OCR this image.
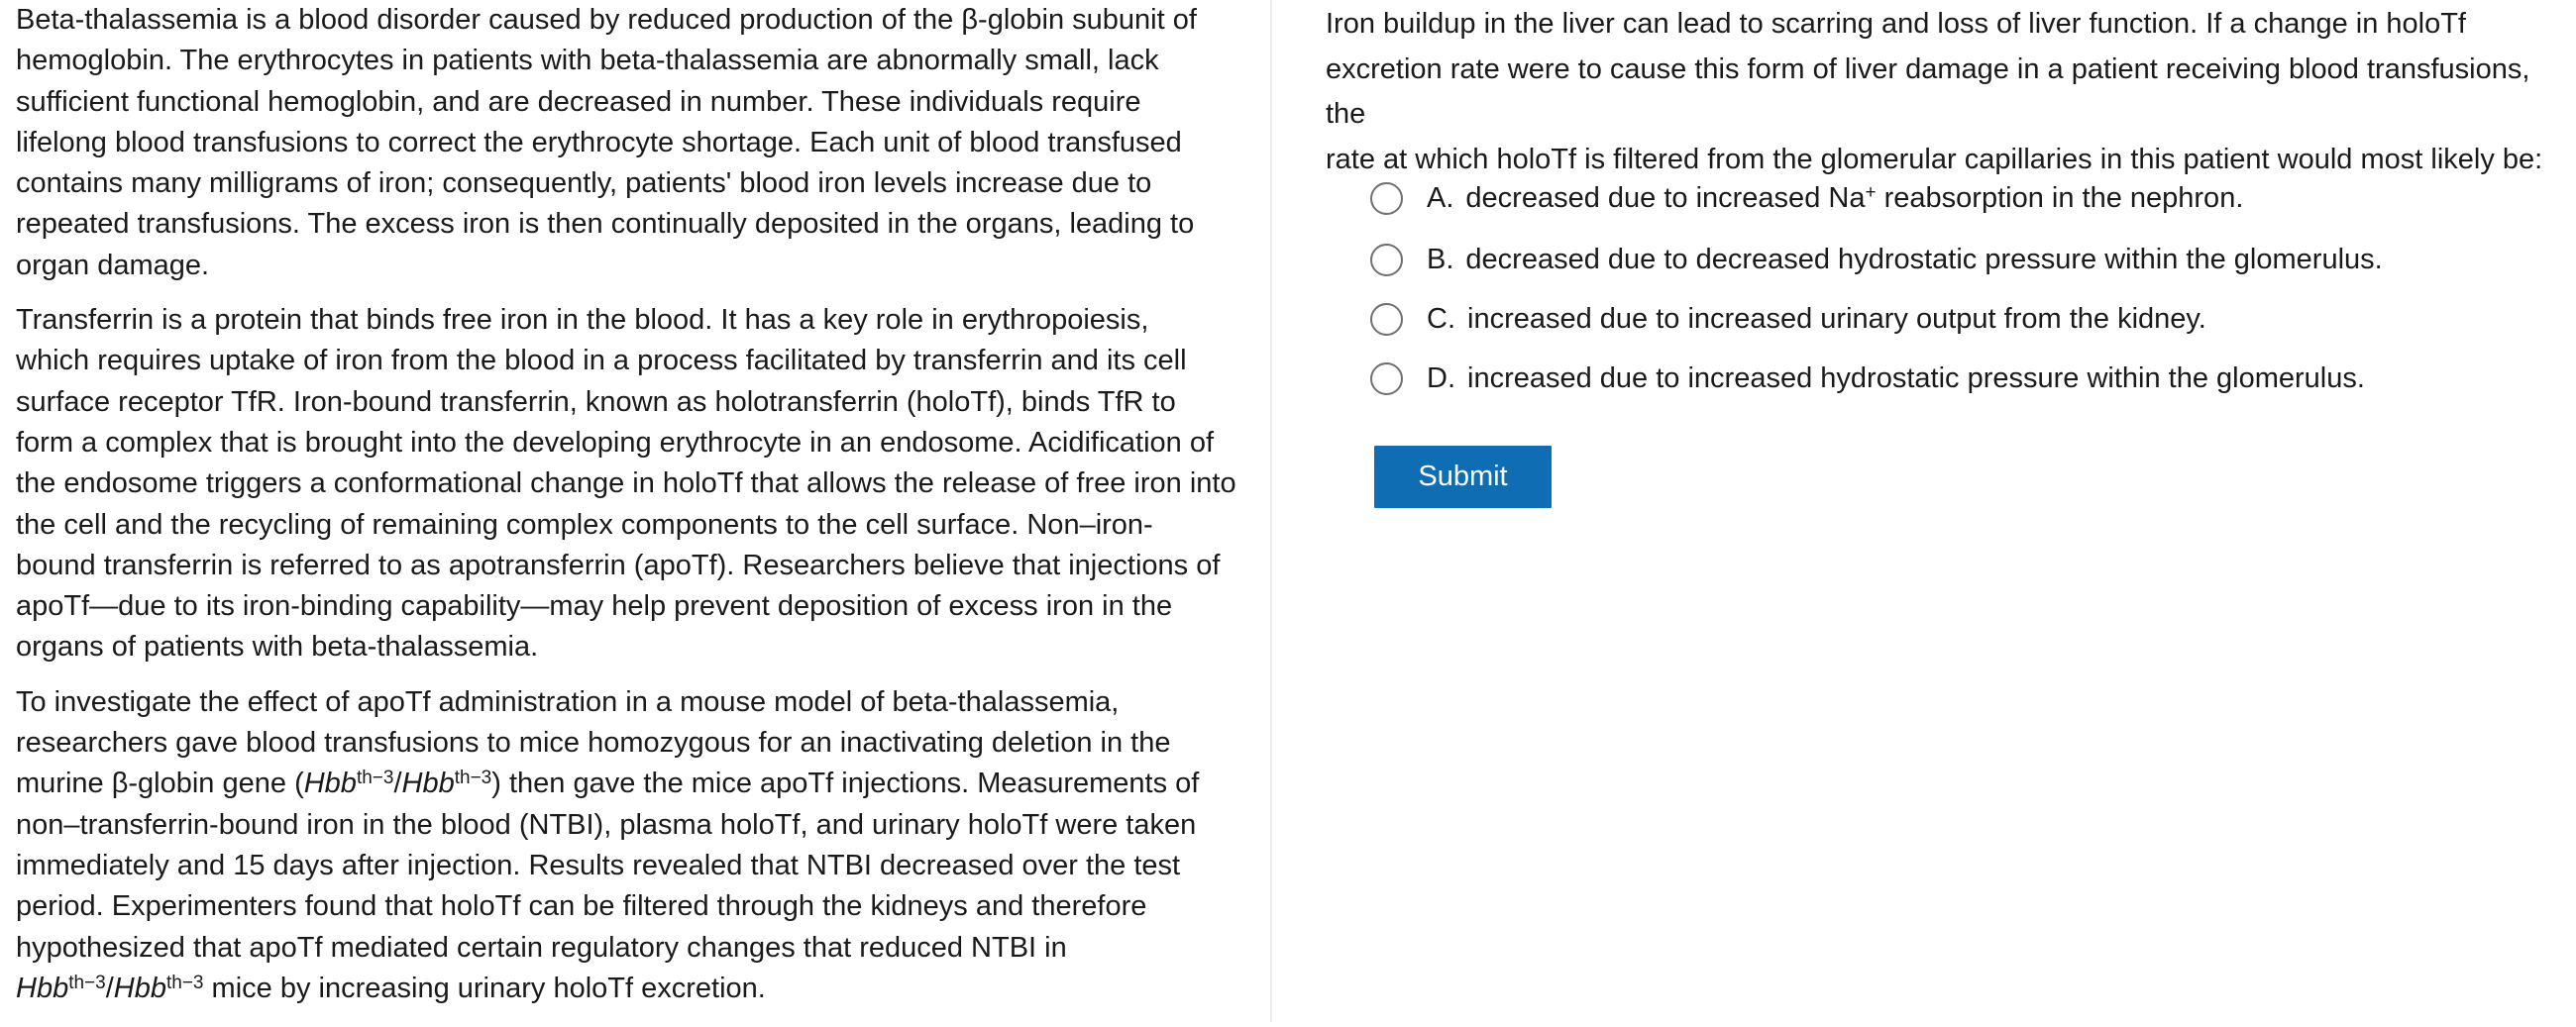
Beta-thalassemia is a blood disorder caused by reduced production of the β-globin subunit of
hemoglobin. The erythrocytes in patients with beta-thalassemia are abnormally small, lack
sufficient functional hemoglobin, and are decreased in number. These individuals require
lifelong blood transfusions to correct the erythrocyte shortage. Each unit of blood transfused
contains many milligrams of iron; consequently, patients' blood iron levels increase due to
repeated transfusions. The excess iron is then continually deposited in the organs, leading to
organ damage.

Transferrin is a protein that binds free iron in the blood. It has a key role in erythropoiesis,
which requires uptake of iron from the blood in a process facilitated by transferrin and its cell
surface receptor TfR. Iron-bound transferrin, known as holotransferrin (holoTf), binds TfR to
form a complex that is brought into the developing erythrocyte in an endosome. Acidification of
the endosome triggers a conformational change in holoTf that allows the release of free iron into
the cell and the recycling of remaining complex components to the cell surface. Non–iron-
bound transferrin is referred to as apotransferrin (apoTf). Researchers believe that injections of
apoTf—due to its iron-binding capability—may help prevent deposition of excess iron in the
organs of patients with beta-thalassemia.

To investigate the effect of apoTf administration in a mouse model of beta-thalassemia,
researchers gave blood transfusions to mice homozygous for an inactivating deletion in the
murine β-globin gene (Hbb$^{th-3}$/Hbb$^{th-3}$) then gave the mice apoTf injections. Measurements of
non–transferrin-bound iron in the blood (NTBI), plasma holoTf, and urinary holoTf were taken
immediately and 15 days after injection. Results revealed that NTBI decreased over the test
period. Experimenters found that holoTf can be filtered through the kidneys and therefore
hypothesized that apoTf mediated certain regulatory changes that reduced NTBI in
Hbb$^{th-3}$/Hbb$^{th-3}$ mice by increasing urinary holoTf excretion.

Iron buildup in the liver can lead to scarring and loss of liver function. If a change in holoTf
excretion rate were to cause this form of liver damage in a patient receiving blood transfusions, the
rate at which holoTf is filtered from the glomerular capillaries in this patient would most likely be:

A. decreased due to increased Na+ reabsorption in the nephron.
B. decreased due to decreased hydrostatic pressure within the glomerulus.
C. increased due to increased urinary output from the kidney.
D. increased due to increased hydrostatic pressure within the glomerulus.
Submit
